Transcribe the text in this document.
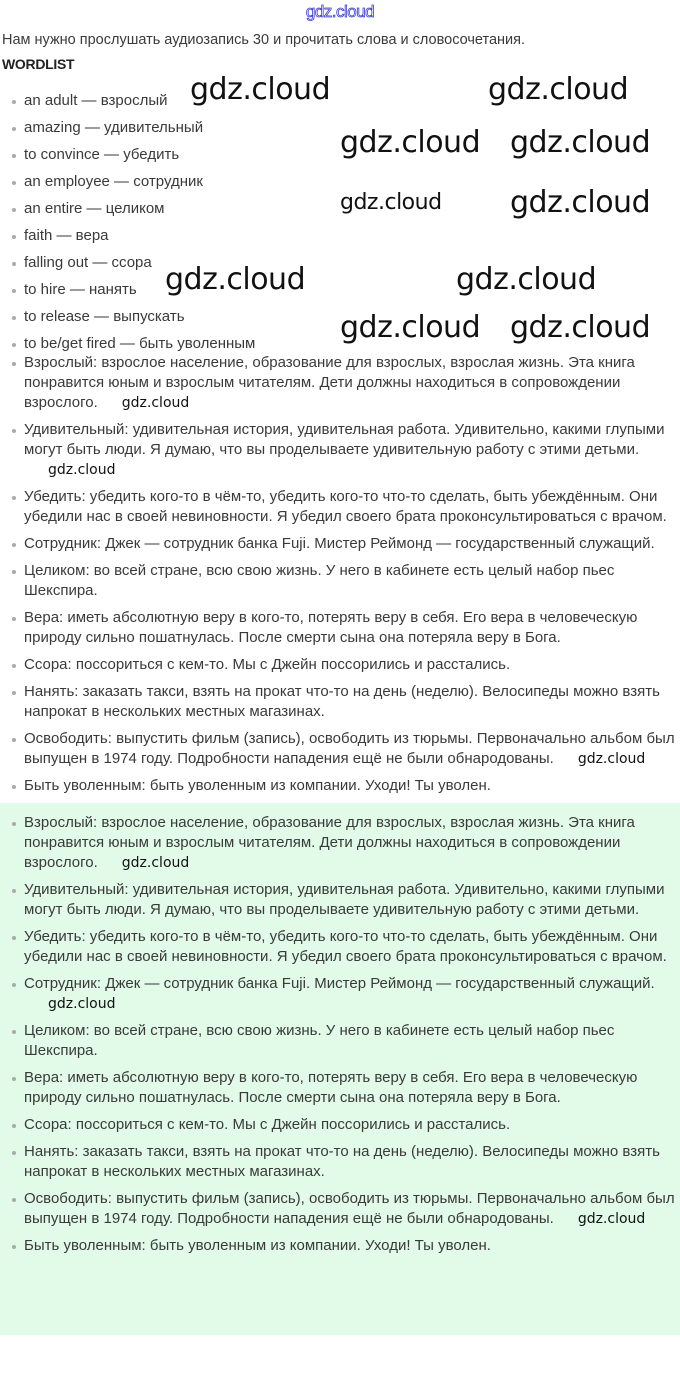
gdz.cloud
Нам нужно прослушать аудиозапись 30 и прочитать слова и словосочетания.
WORDLIST
an adult — взрослый
amazing — удивительный
to convince — убедить
an employee — сотрудник
an entire — целиком
faith — вера
falling out — ссора
to hire — нанять
to release — выпускать
to be/get fired — быть уволенным
gdz.cloud	gdz.cloud
gdz.cloud gdz.cloud
gdz.cloud gdz.cloud
gdz.cloud	gdz.cloud
gdz.cloud gdz.cloud
Взрослый: взрослое население, образование для взрослых, взрослая жизнь. Эта книга понравится юным и взрослым читателям. Дети должны находиться в сопровождении взрослого. gdz.cloud
Удивительный: удивительная история, удивительная работа. Удивительно, какими глупыми могут быть люди. Я думаю, что вы проделываете удивительную работу с этими детьми.gdz.cloud
Убедить: убедить кого-то в чём-то, убедить кого-то что-то сделать, быть убеждённым. Они убедили нас в своей невиновности. Я убедил своего брата проконсультироваться с врачом.
Сотрудник: Джек — сотрудник банка Fuji. Мистер Реймонд — государственный служащий.
Целиком: во всей стране, всю свою жизнь. У него в кабинете есть целый набор пьес Шекспира.
Вера: иметь абсолютную веру в кого-то, потерять веру в себя. Его вера в человеческую природу сильно пошатнулась. После смерти сына она потеряла веру в Бога.
Ссора: поссориться с кем-то. Мы с Джейн поссорились и расстались.
Нанять: заказать такси, взять на прокат что-то на день (неделю). Велосипеды можно взять напрокат в нескольких местных магазинах.
Освободить: выпустить фильм (запись), освободить из тюрьмы. Первоначально альбом был выпущен в 1974 году. Подробности нападения ещё не были обнародованы. gdz.cloud
Быть уволенным: быть уволенным из компании. Уходи! Ты уволен.
Взрослый: взрослое население, образование для взрослых, взрослая жизнь. Эта книга понравится юным и взрослым читателям. Дети должны находиться в сопровождении взрослого. gdz.cloud
Удивительный: удивительная история, удивительная работа. Удивительно, какими глупыми могут быть люди. Я думаю, что вы проделываете удивительную работу с этими детьми.
Убедить: убедить кого-то в чём-то, убедить кого-то что-то сделать, быть убеждённым. Они убедили нас в своей невиновности. Я убедил своего брата проконсультироваться с врачом.
Сотрудник: Джек — сотрудник банка Fuji. Мистер Реймонд — государственный служащий.gdz.cloud
Целиком: во всей стране, всю свою жизнь. У него в кабинете есть целый набор пьес Шекспира.
Вера: иметь абсолютную веру в кого-то, потерять веру в себя. Его вера в человеческую природу сильно пошатнулась. После смерти сына она потеряла веру в Бога.
Ссора: поссориться с кем-то. Мы с Джейн поссорились и расстались.
Нанять: заказать такси, взять на прокат что-то на день (неделю). Велосипеды можно взять напрокат в нескольких местных магазинах.
Освободить: выпустить фильм (запись), освободить из тюрьмы. Первоначально альбом был выпущен в 1974 году. Подробности нападения ещё не были обнародованы. gdz.cloud
Быть уволенным: быть уволенным из компании. Уходи! Ты уволен.
